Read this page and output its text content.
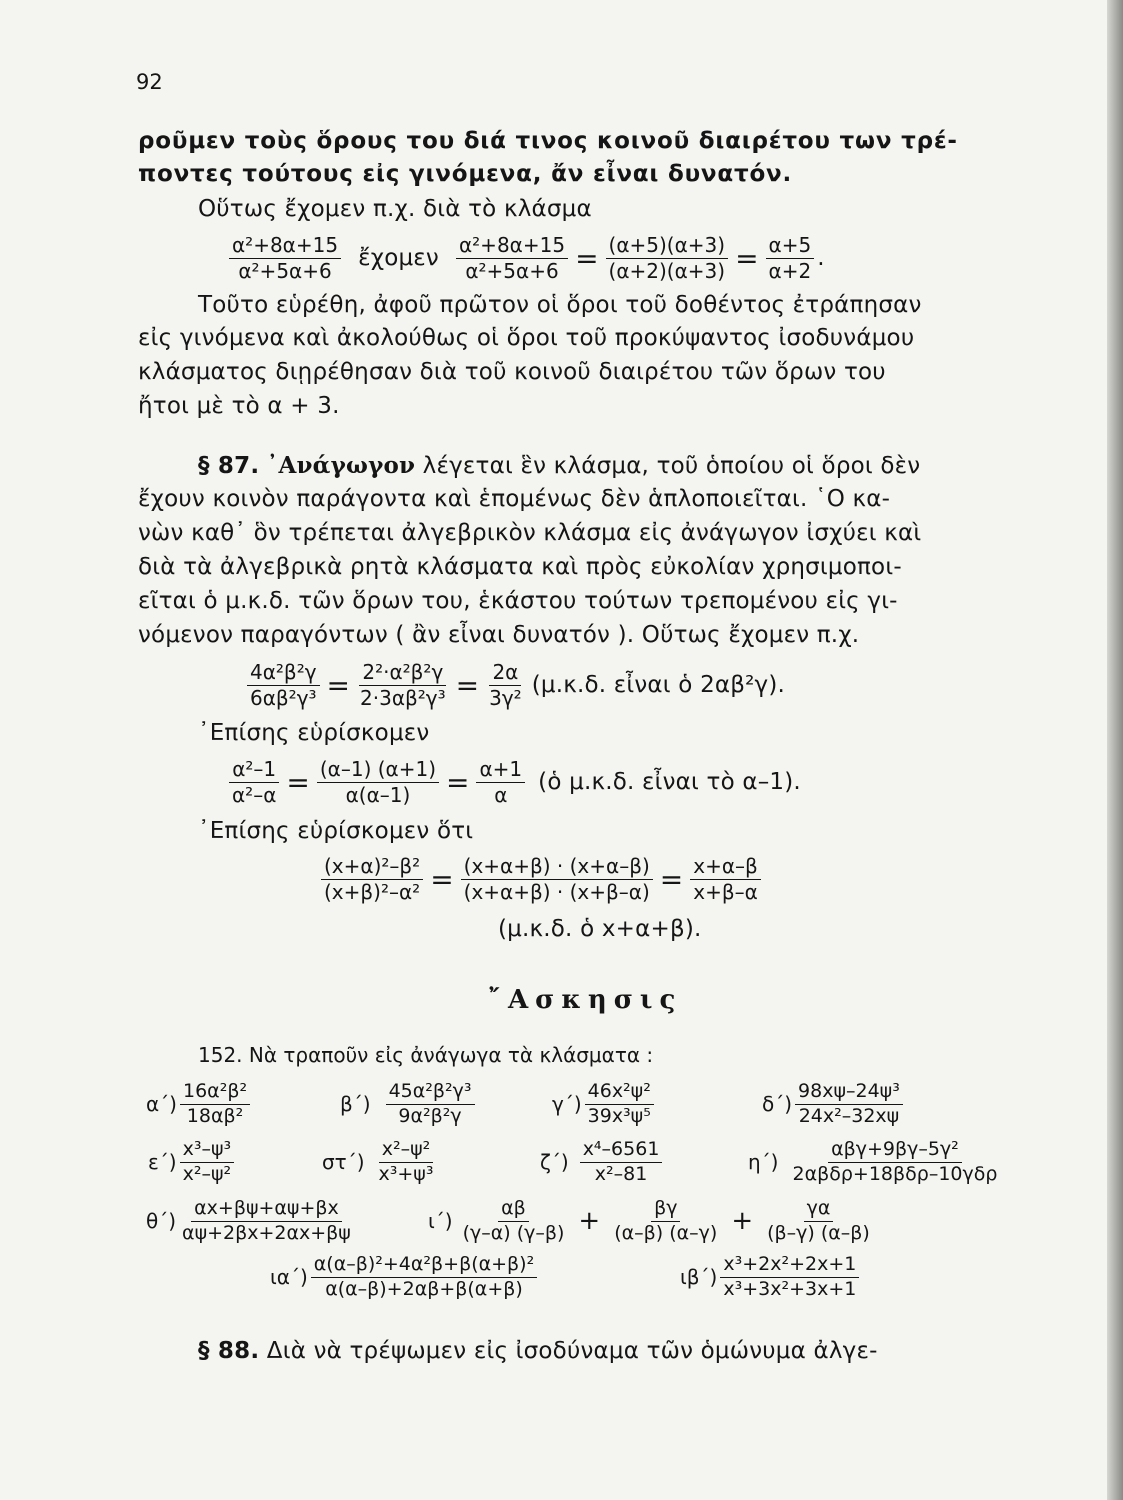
92
ροῦμεν τοὺς ὅρους του διά τινος κοινοῦ διαιρέτου των τρέ-
ποντες τούτους εἰς γινόμενα, ἄν εἶναι δυνατόν.
Οὕτως ἔχομεν π.χ. διὰ τὸ κλάσμα
$\frac{\text{α²+8α+15}}{\text{α²+5α+6}}$ ἔχομεν $\frac{\text{α²+8α+15}}{\text{α²+5α+6}} = \frac{(\alpha+5)(\alpha+3)}{(\alpha+2)(\alpha+3)} = \frac{\alpha+5}{\alpha+2}$ .
Τοῦτο εὑρέθη, ἀφοῦ πρῶτον οἱ ὅροι τοῦ δοθέντος ἐτράπησαν
εἰς γινόμενα καὶ ἀκολούθως οἱ ὅροι τοῦ προκύψαντος ἰσοδυνάμου
κλάσματος διῃρέθησαν διὰ τοῦ κοινοῦ διαιρέτου τῶν ὅρων του
ἤτοι μὲ τὸ α + 3.
§ 87. ᾿Ανάγωγον λέγεται ἓν κλάσμα, τοῦ ὁποίου οἱ ὅροι δὲν
ἔχουν κοινὸν παράγοντα καὶ ἑπομένως δὲν ἁπλοποιεῖται. ῾Ο κα-
νὼν καθ᾿ ὃν τρέπεται ἀλγεβρικὸν κλάσμα εἰς ἀνάγωγον ἰσχύει καὶ
διὰ τὰ ἀλγεβρικὰ ρητὰ κλάσματα καὶ πρὸς εὐκολίαν χρησιμοποι-
εῖται ὁ μ.κ.δ. τῶν ὅρων του, ἑκάστου τούτων τρεπομένου εἰς γι-
νόμενον παραγόντων ( ἂν εἶναι δυνατόν ). Οὕτως ἔχομεν π.χ.
$\frac{\text{4α²β²γ}}{\text{6αβ²γ³}} = \frac{\text{2²·α²β²γ}}{\text{2·3αβ²γ³}} = \frac{2\alpha}{\text{3γ²}} (\mu.\kappa.\delta$. εἶναι ὁ 2αβ²γ).
᾿Επίσης εὑρίσκομεν
$\frac{\text{α²–1}}{\text{α²–α}} = \frac{(\alpha-1) (\alpha+1)}{\alpha(\alpha-1)} = \frac{\alpha+1}{\alpha}$ (ὁ μ.κ.δ. εἶναι τὸ α–1).
᾿Επίσης εὑρίσκομεν ὅτι
$\frac{\text{(x+α)²–β²}}{\text{(x+β)²–α²}} = \frac{(x+\alpha+\beta) \cdot (x+\alpha-\beta)}{(x+\alpha+\beta) \cdot (x+\beta-\alpha)} = \frac{x+\alpha-\beta}{x+\beta-\alpha}$
(μ.κ.δ. ὁ x+α+β).
῎Ασκησις
152. Νὰ τραποῦν εἰς ἀνάγωγα τὰ κλάσματα :
$\alpha΄) \frac{\text{16α²β²}}{\text{18αβ²}}$	$\beta΄) \frac{\text{45α²β²γ³}}{\text{9α²β²γ}}$	$\gamma΄) \frac{\text{46x²ψ²}}{\text{39x³ψ⁵}}$	$\delta΄) \frac{\text{98xψ–24ψ³}}{\text{24x²–32xψ}}$
$\varepsilon΄) \frac{\text{x³–ψ³}}{\text{x²–ψ²}}$	$\sigma\tau΄) \frac{\text{x²–ψ²}}{\text{x³+ψ³}}$	$\zeta΄) \frac{\text{x⁴–6561}}{\text{x²–81}}$	$\eta΄) \frac{\text{αβγ+9βγ–5γ²}}{\text{2αβδρ+18βδρ–10γδρ}}$
$\theta΄) \frac{\alpha x+\beta\psi+\alpha\psi+\beta x}{\alpha\psi+2\beta x+2\alpha x+\beta\psi}$	$\iota΄) \frac{\alpha\beta}{(\gamma-\alpha) (\gamma-\beta)} + \frac{\beta\gamma}{(\alpha-\beta) (\alpha-\gamma)} + \frac{\gamma\alpha}{(\beta-\gamma) (\alpha-\beta)}$
$\iota\alpha΄) \frac{\text{α(α–β)²+4α²β+β(α+β)²}}{\alpha(\alpha-\beta)+2\alpha\beta+\beta(\alpha+\beta)}$	$\iota\beta΄) \frac{\text{x³+2x²+2x+1}}{\text{x³+3x²+3x+1}}$
§ 88. Διὰ νὰ τρέψωμεν εἰς ἰσοδύναμα τῶν ὁμώνυμα ἀλγε-
